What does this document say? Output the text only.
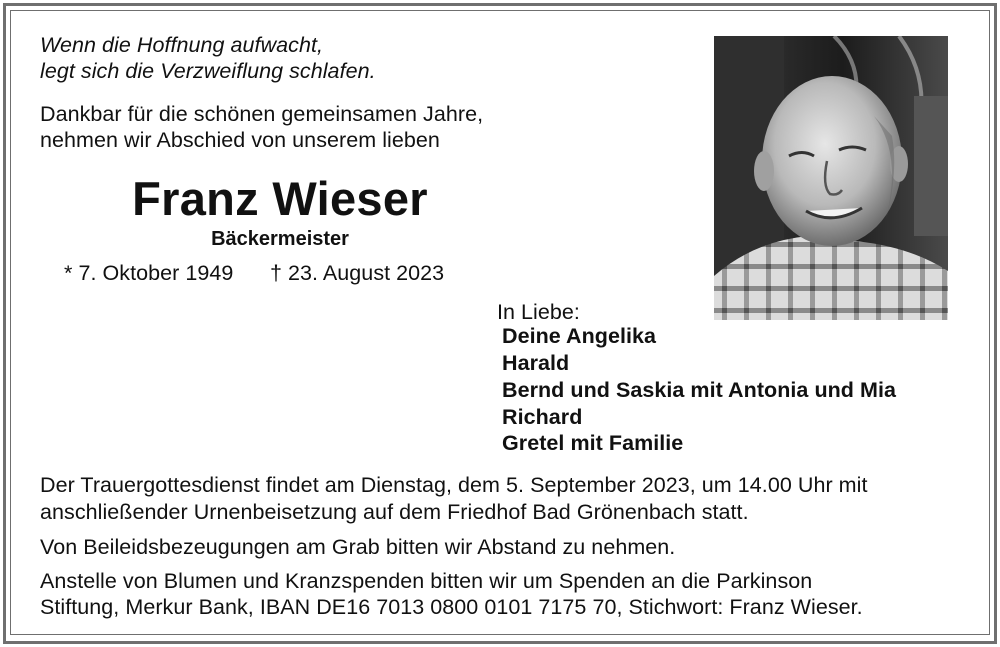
Wenn die Hoffnung aufwacht,
legt sich die Verzweiflung schlafen.
Dankbar für die schönen gemeinsamen Jahre,
nehmen wir Abschied von unserem lieben
Franz Wieser
Bäckermeister
* 7. Oktober 1949 † 23. August 2023
In Liebe:
Deine Angelika
Harald
Bernd und Saskia mit Antonia und Mia
Richard
Gretel mit Familie
Der Trauergottesdienst findet am Dienstag, dem 5. September 2023, um 14.00 Uhr mit
anschließender Urnenbeisetzung auf dem Friedhof Bad Grönenbach statt.
Von Beileidsbezeugungen am Grab bitten wir Abstand zu nehmen.
Anstelle von Blumen und Kranzspenden bitten wir um Spenden an die Parkinson
Stiftung, Merkur Bank, IBAN DE16 7013 0800 0101 7175 70, Stichwort: Franz Wieser.
